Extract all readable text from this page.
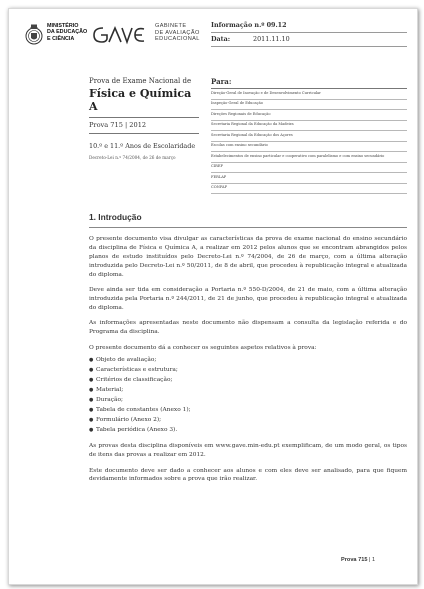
MINISTÉRIO
DA EDUCAÇÃO
E CIÊNCIA
GABINETE
DE AVALIAÇÃO
EDUCACIONAL
Informação n.º 09.12
Data:	2011.11.10
Prova de Exame Nacional de
Física e Química A
Prova 715 | 2012
10.º e 11.º Anos de Escolaridade
Decreto-Lei n.º 74/2004, de 26 de março
Para:
Direção-Geral de Inovação e de Desenvolvimento Curricular
Inspeção-Geral de Educação
Direções Regionais de Educação
Secretaria Regional da Educação da Madeira
Secretaria Regional da Educação dos Açores
Escolas com ensino secundário
Estabelecimentos de ensino particular e cooperativo com paralelismo e com ensino secundário
CIREP
FERLAP
CONFAP
1. Introdução

O presente documento visa divulgar as características da prova de exame nacional do ensino secundário da disciplina de Física e Química A, a realizar em 2012 pelos alunos que se encontram abrangidos pelos planos de estudo instituídos pelo Decreto-Lei n.º 74/2004, de 26 de março, com a última alteração introduzida pelo Decreto-Lei n.º 50/2011, de 8 de abril, que procedeu à republicação integral e atualizada do diploma.

Deve ainda ser tida em consideração a Portaria n.º 550-D/2004, de 21 de maio, com a última alteração introduzida pela Portaria n.º 244/2011, de 21 de junho, que procedeu à republicação integral e atualizada do diploma.

As informações apresentadas neste documento não dispensam a consulta da legislação referida e do Programa da disciplina.

O presente documento dá a conhecer os seguintes aspetos relativos à prova:

● Objeto de avaliação;
● Características e estrutura;
● Critérios de classificação;
● Material;
● Duração;
● Tabela de constantes (Anexo 1);
● Formulário (Anexo 2);
● Tabela periódica (Anexo 3).

As provas desta disciplina disponíveis em www.gave.min-edu.pt exemplificam, de um modo geral, os tipos de itens das provas a realizar em 2012.

Este documento deve ser dado a conhecer aos alunos e com eles deve ser analisado, para que fiquem devidamente informados sobre a prova que irão realizar.

Prova 715 | 1
